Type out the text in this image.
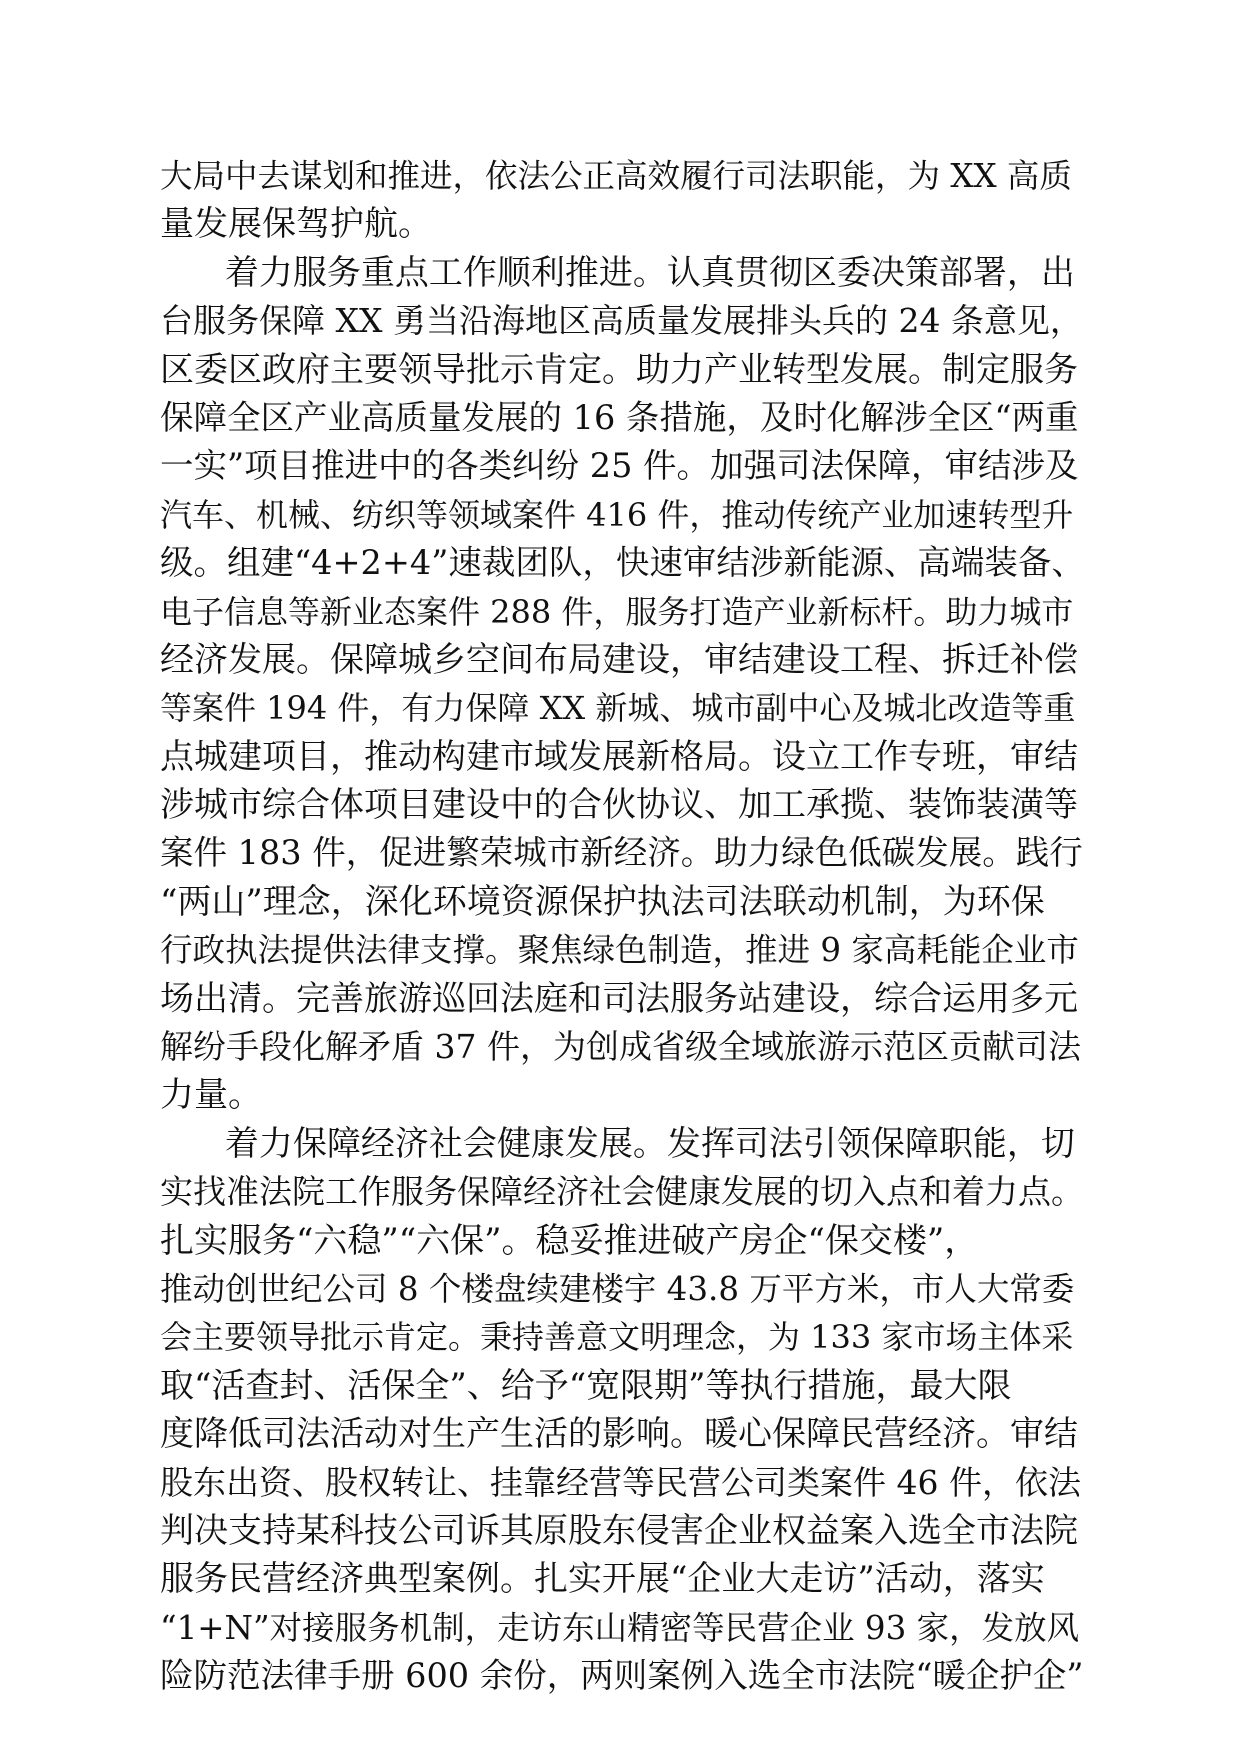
大局中去谋划和推进，依法公正高效履行司法职能，为 XX 高质
量发展保驾护航。
着力服务重点工作顺利推进。认真贯彻区委决策部署，出
台服务保障 XX 勇当沿海地区高质量发展排头兵的 24 条意见，
区委区政府主要领导批示肯定。助力产业转型发展。制定服务
保障全区产业高质量发展的 16 条措施，及时化解涉全区“两重
一实”项目推进中的各类纠纷 25 件。加强司法保障，审结涉及
汽车、机械、纺织等领域案件 416 件，推动传统产业加速转型升
级。组建“4+2+4”速裁团队，快速审结涉新能源、高端装备、
电子信息等新业态案件 288 件，服务打造产业新标杆。助力城市
经济发展。保障城乡空间布局建设，审结建设工程、拆迁补偿
等案件 194 件，有力保障 XX 新城、城市副中心及城北改造等重
点城建项目，推动构建市域发展新格局。设立工作专班，审结
涉城市综合体项目建设中的合伙协议、加工承揽、装饰装潢等
案件 183 件，促进繁荣城市新经济。助力绿色低碳发展。践行
“两山”理念，深化环境资源保护执法司法联动机制，为环保
行政执法提供法律支撑。聚焦绿色制造，推进 9 家高耗能企业市
场出清。完善旅游巡回法庭和司法服务站建设，综合运用多元
解纷手段化解矛盾 37 件，为创成省级全域旅游示范区贡献司法
力量。
着力保障经济社会健康发展。发挥司法引领保障职能，切
实找准法院工作服务保障经济社会健康发展的切入点和着力点。
扎实服务“六稳”“六保”。稳妥推进破产房企“保交楼”，
推动创世纪公司 8 个楼盘续建楼宇 43.8 万平方米，市人大常委
会主要领导批示肯定。秉持善意文明理念，为 133 家市场主体采
取“活查封、活保全”、给予“宽限期”等执行措施，最大限
度降低司法活动对生产生活的影响。暖心保障民营经济。审结
股东出资、股权转让、挂靠经营等民营公司类案件 46 件，依法
判决支持某科技公司诉其原股东侵害企业权益案入选全市法院
服务民营经济典型案例。扎实开展“企业大走访”活动，落实
“1+N”对接服务机制，走访东山精密等民营企业 93 家，发放风
险防范法律手册 600 余份，两则案例入选全市法院“暖企护企”
